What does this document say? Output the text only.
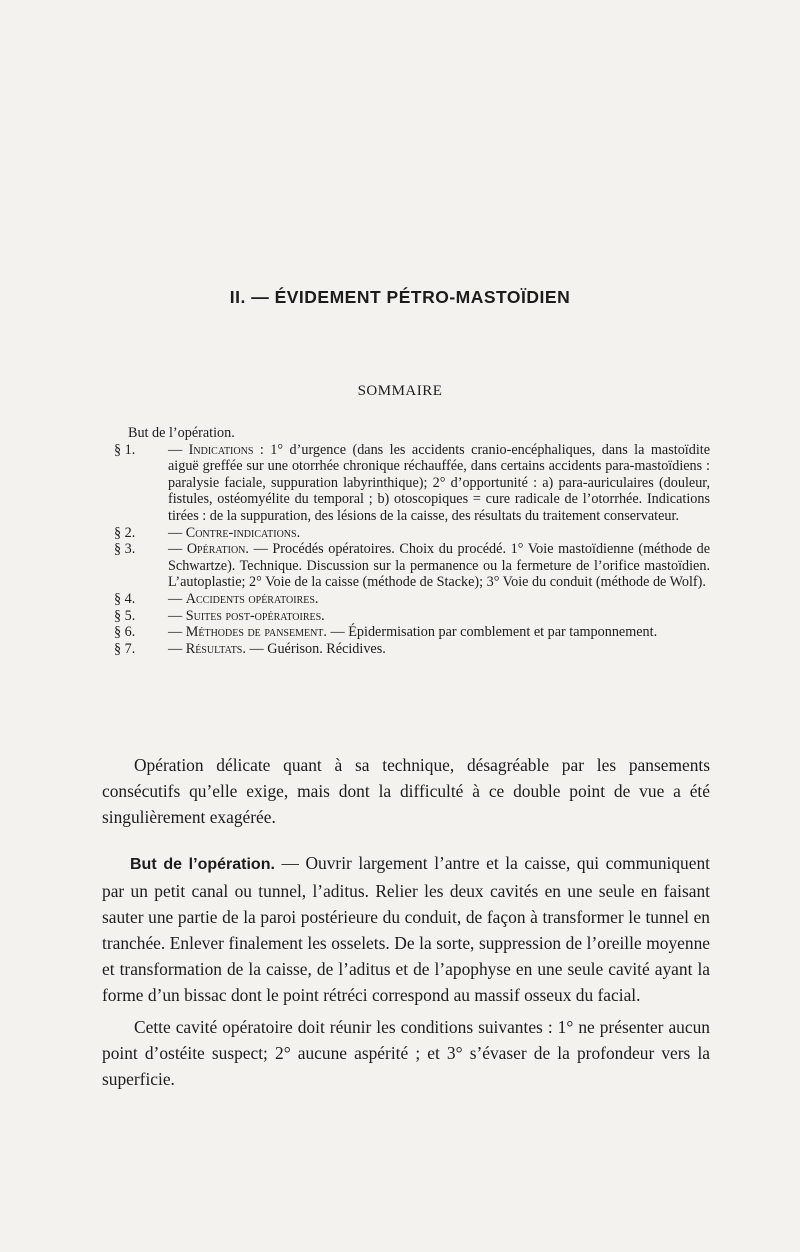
II. — ÉVIDEMENT PÉTRO-MASTOÏDIEN
SOMMAIRE
But de l’opération.
§ 1.	— Indications : 1° d’urgence (dans les accidents cranio-encéphaliques, dans la mastoïdite aiguë greffée sur une otorrhée chronique réchauffée, dans certains accidents para-mastoïdiens : paralysie faciale, suppuration labyrinthique); 2° d’opportunité : a) para-auriculaires (douleur, fistules, ostéomyélite du temporal ; b) otoscopiques = cure radicale de l’otorrhée. Indications tirées : de la suppuration, des lésions de la caisse, des résultats du traitement conservateur.
§ 2.	— Contre-indications.
§ 3.	— Opération. — Procédés opératoires. Choix du procédé. 1° Voie mastoïdienne (méthode de Schwartze). Technique. Discussion sur la permanence ou la fermeture de l’orifice mastoïdien. L’autoplastie; 2° Voie de la caisse (méthode de Stacke); 3° Voie du conduit (méthode de Wolf).
§ 4.	— Accidents opératoires.
§ 5.	— Suites post-opératoires.
§ 6.	— Méthodes de pansement. — Épidermisation par comblement et par tamponnement.
§ 7.	— Résultats. — Guérison. Récidives.
Opération délicate quant à sa technique, désagréable par les pansements consécutifs qu’elle exige, mais dont la difficulté à ce double point de vue a été singulièrement exagérée.
But de l’opération. — Ouvrir largement l’antre et la caisse, qui communiquent par un petit canal ou tunnel, l’aditus. Relier les deux cavités en une seule en faisant sauter une partie de la paroi postérieure du conduit, de façon à transformer le tunnel en tranchée. Enlever finalement les osselets. De la sorte, suppression de l’oreille moyenne et transformation de la caisse, de l’aditus et de l’apophyse en une seule cavité ayant la forme d’un bissac dont le point rétréci correspond au massif osseux du facial.
Cette cavité opératoire doit réunir les conditions suivantes : 1° ne présenter aucun point d’ostéite suspect; 2° aucune aspérité ; et 3° s’évaser de la profondeur vers la superficie.
